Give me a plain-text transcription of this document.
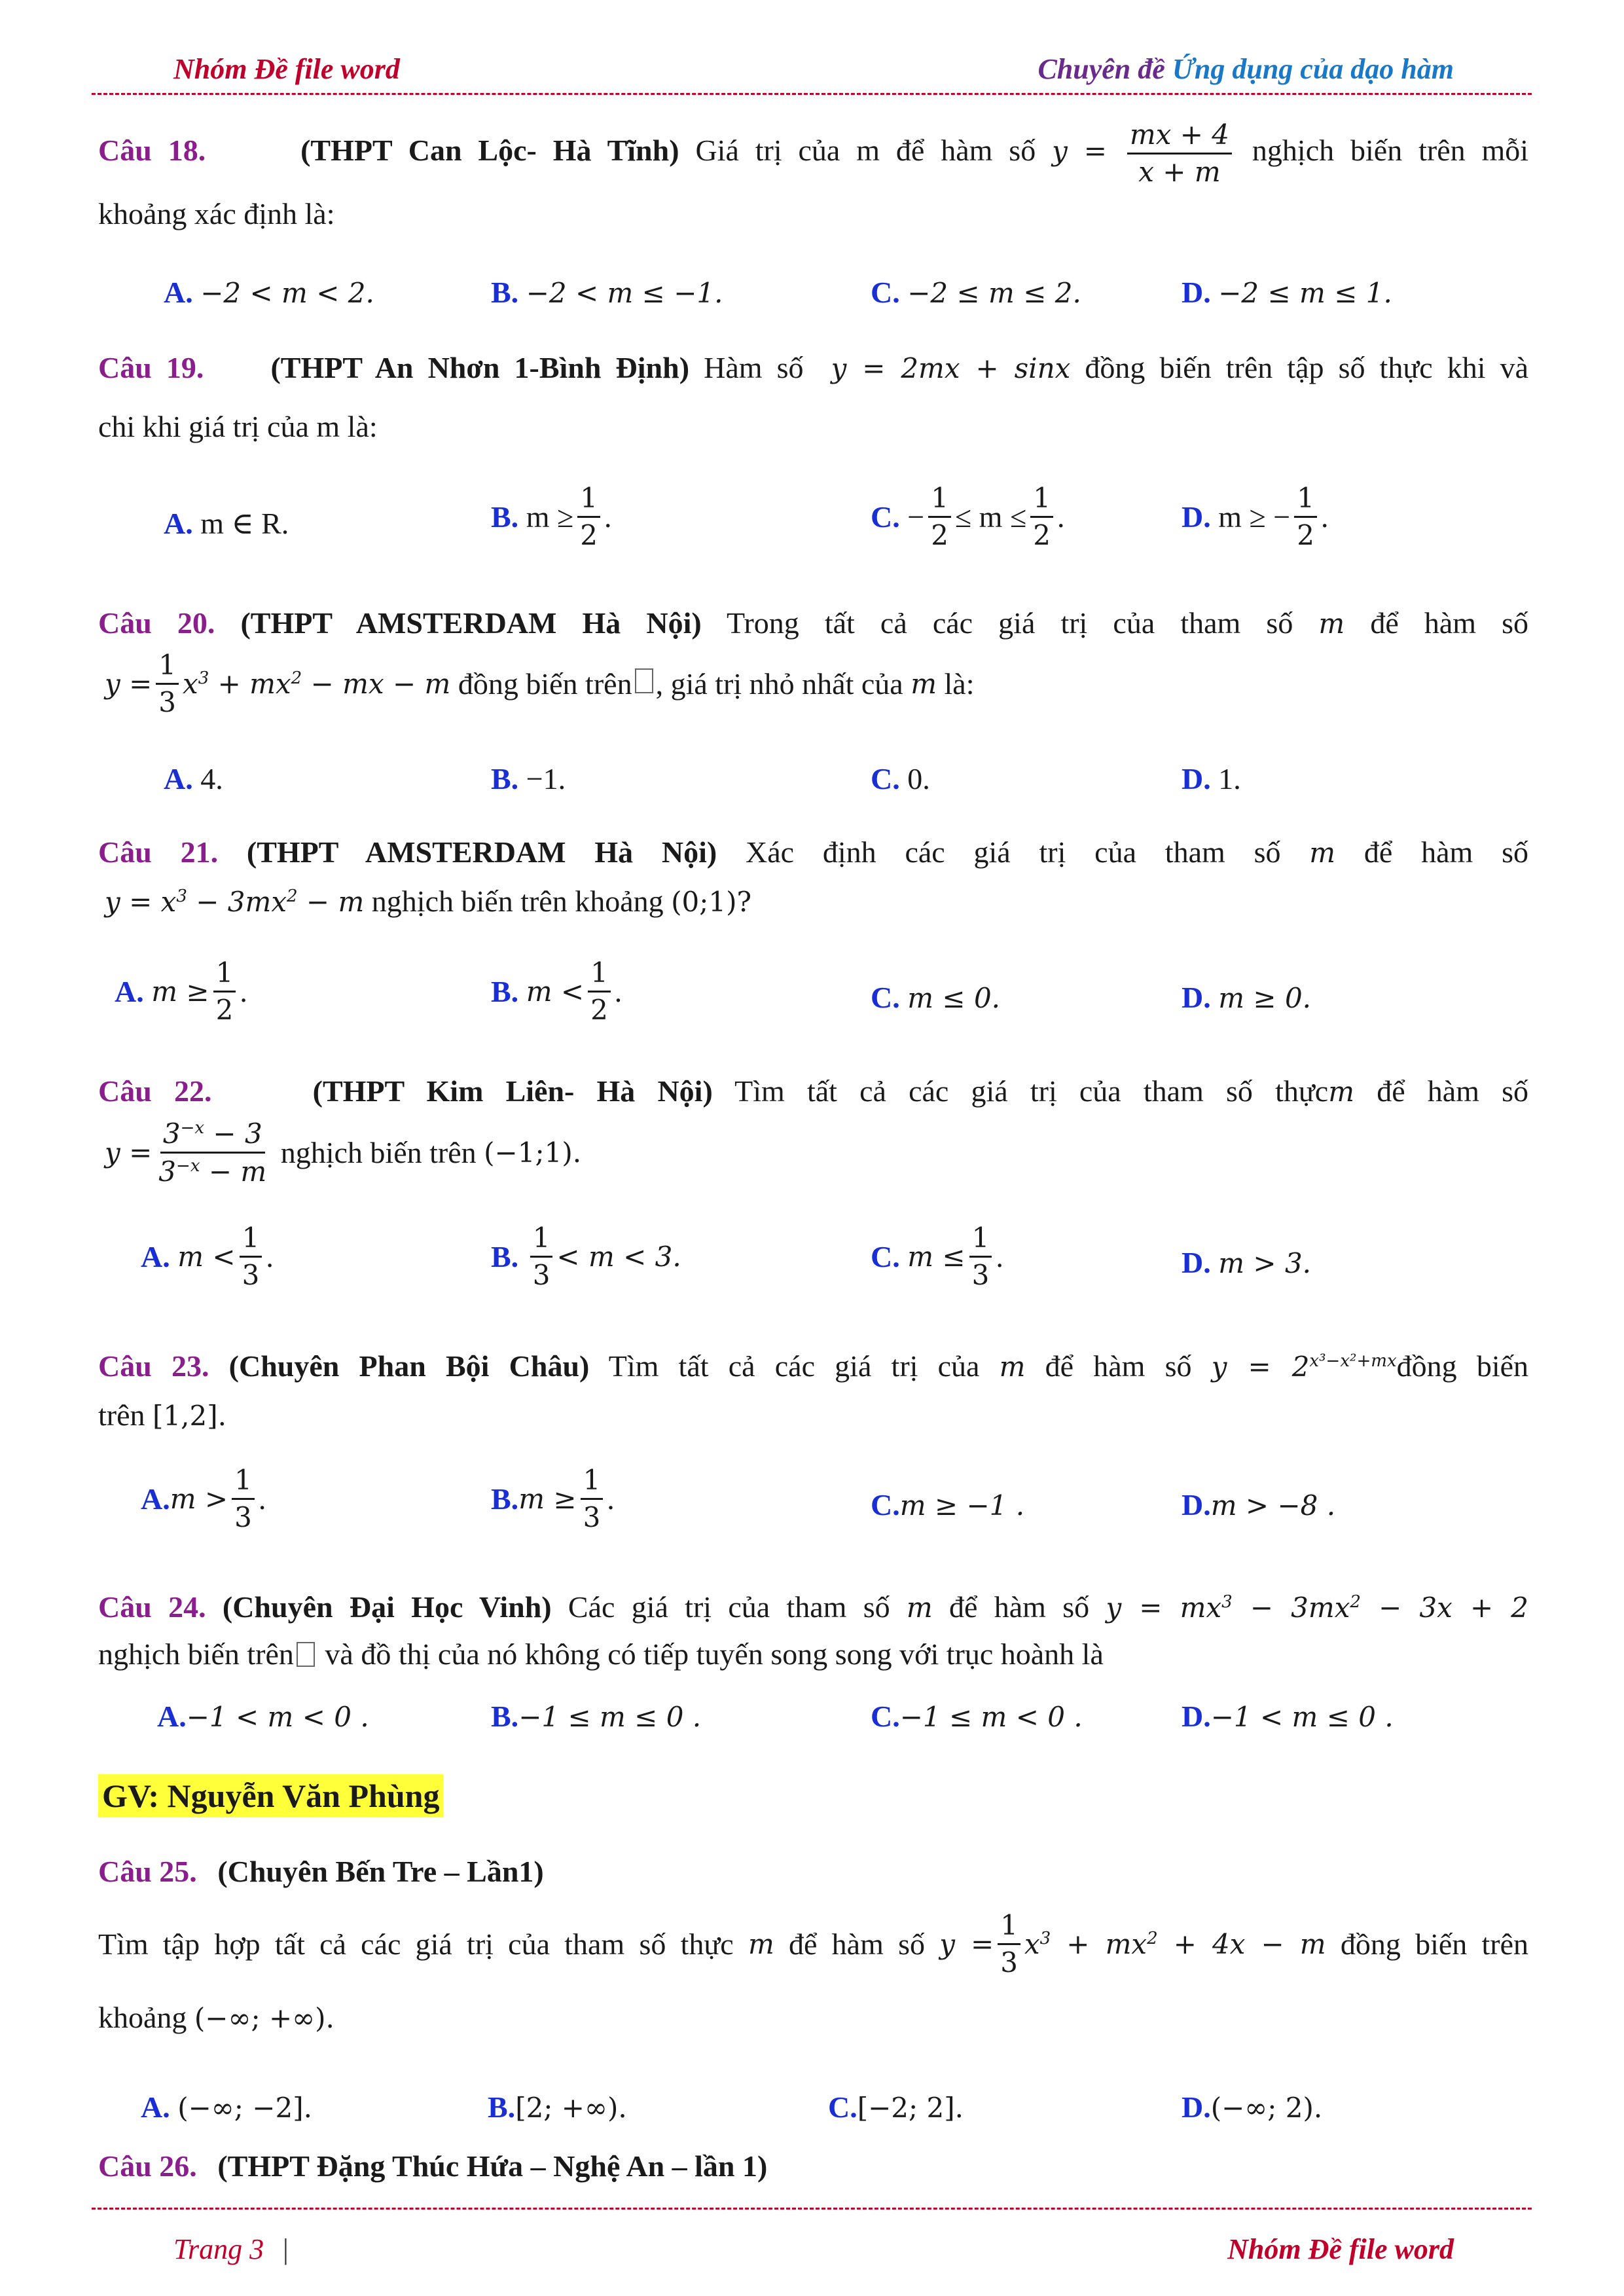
Nhóm Đề file word	Chuyên đề Ứng dụng của dạo hàm
Câu 18.	(THPT Can Lộc- Hà Tĩnh) Giá trị của m để hàm số $y = \frac{mx + 4}{x + m}$ nghịch biến trên mỗi
khoảng xác định là:
A. −2 < m < 2.	B. −2 < m ≤ −1.	C. −2 ≤ m ≤ 2.	D. −2 ≤ m ≤ 1.
Câu 19. (THPT An Nhơn 1-Bình Định) Hàm số y = 2mx + sinx đồng biến trên tập số thực khi và
chi khi giá trị của m là:
A. m ∈ R.	B. $m \ge \frac{1}{2}$ .	C. − $\frac{1}{2} \le m \le \frac{1}{2}$ .	D. m ≥ − $\frac{1}{2}$ .
Câu 20. (THPT AMSTERDAM Hà Nội) Trong tất cả các giá trị của tham số m để hàm số
$y = \frac{1}{3} x^3 + mx^2$ − mx − m đồng biến trên , giá trị nhỏ nhất của m là:
A. 4.	B. −1.	C. 0.	D. 1.
Câu 21. (THPT AMSTERDAM Hà Nội) Xác định các giá trị của tham số m để hàm số
$y = x^3 - 3mx^2 - m$ nghịch biến trên khoảng (0;1)?
A. $m \ge \frac{1}{2}$ .	B. $m < \frac{1}{2}$ .	C. m ≤ 0.	D. m ≥ 0.
Câu 22.	(THPT Kim Liên- Hà Nội) Tìm tất cả các giá trị của tham số thựcm để hàm số
$y = \frac{3^{-x} - 3}{3^{-x} - m}$ nghịch biến trên (−1;1).
A. $m < \frac{1}{3}$ .	B. $\frac{1}{3} < m < 3$.	C. $m \le \frac{1}{3}$ .	D. m > 3.
Câu 23. (Chuyên Phan Bội Châu) Tìm tất cả các giá trị của m để hàm số $y = 2^{x^3-x^2+mx}đồng$ biến
trên [1,2].
$A.m > \frac{1}{3}$ .	$B.m \ge \frac{1}{3}$ .	C.m ≥ −1 .	D.m > −8 .
Câu 24. (Chuyên Đại Học Vinh) Các giá trị của tham số m để hàm số $y = mx^3 - 3mx^2 - 3x + 2$
nghịch biến trên và đồ thị của nó không có tiếp tuyến song song với trục hoành là
A.−1 < m < 0 .	B.−1 ≤ m ≤ 0 .	C.−1 ≤ m < 0 .	D.−1 < m ≤ 0 .
GV: Nguyễn Văn Phùng
Câu 25. (Chuyên Bến Tre – Lần1)
Tìm tập hợp tất cả các giá trị của tham số thực m để hàm số $y = \frac{1}{3} x^3 + mx^2 + 4x - m$ đồng biến trên
khoảng (−∞; +∞).
A. (−∞; −2].	B.[2; +∞).	C.[−2; 2].	D.(−∞; 2).
Câu 26. (THPT Đặng Thúc Hứa – Nghệ An – lần 1)
Trang 3 |	Nhóm Đề file word
